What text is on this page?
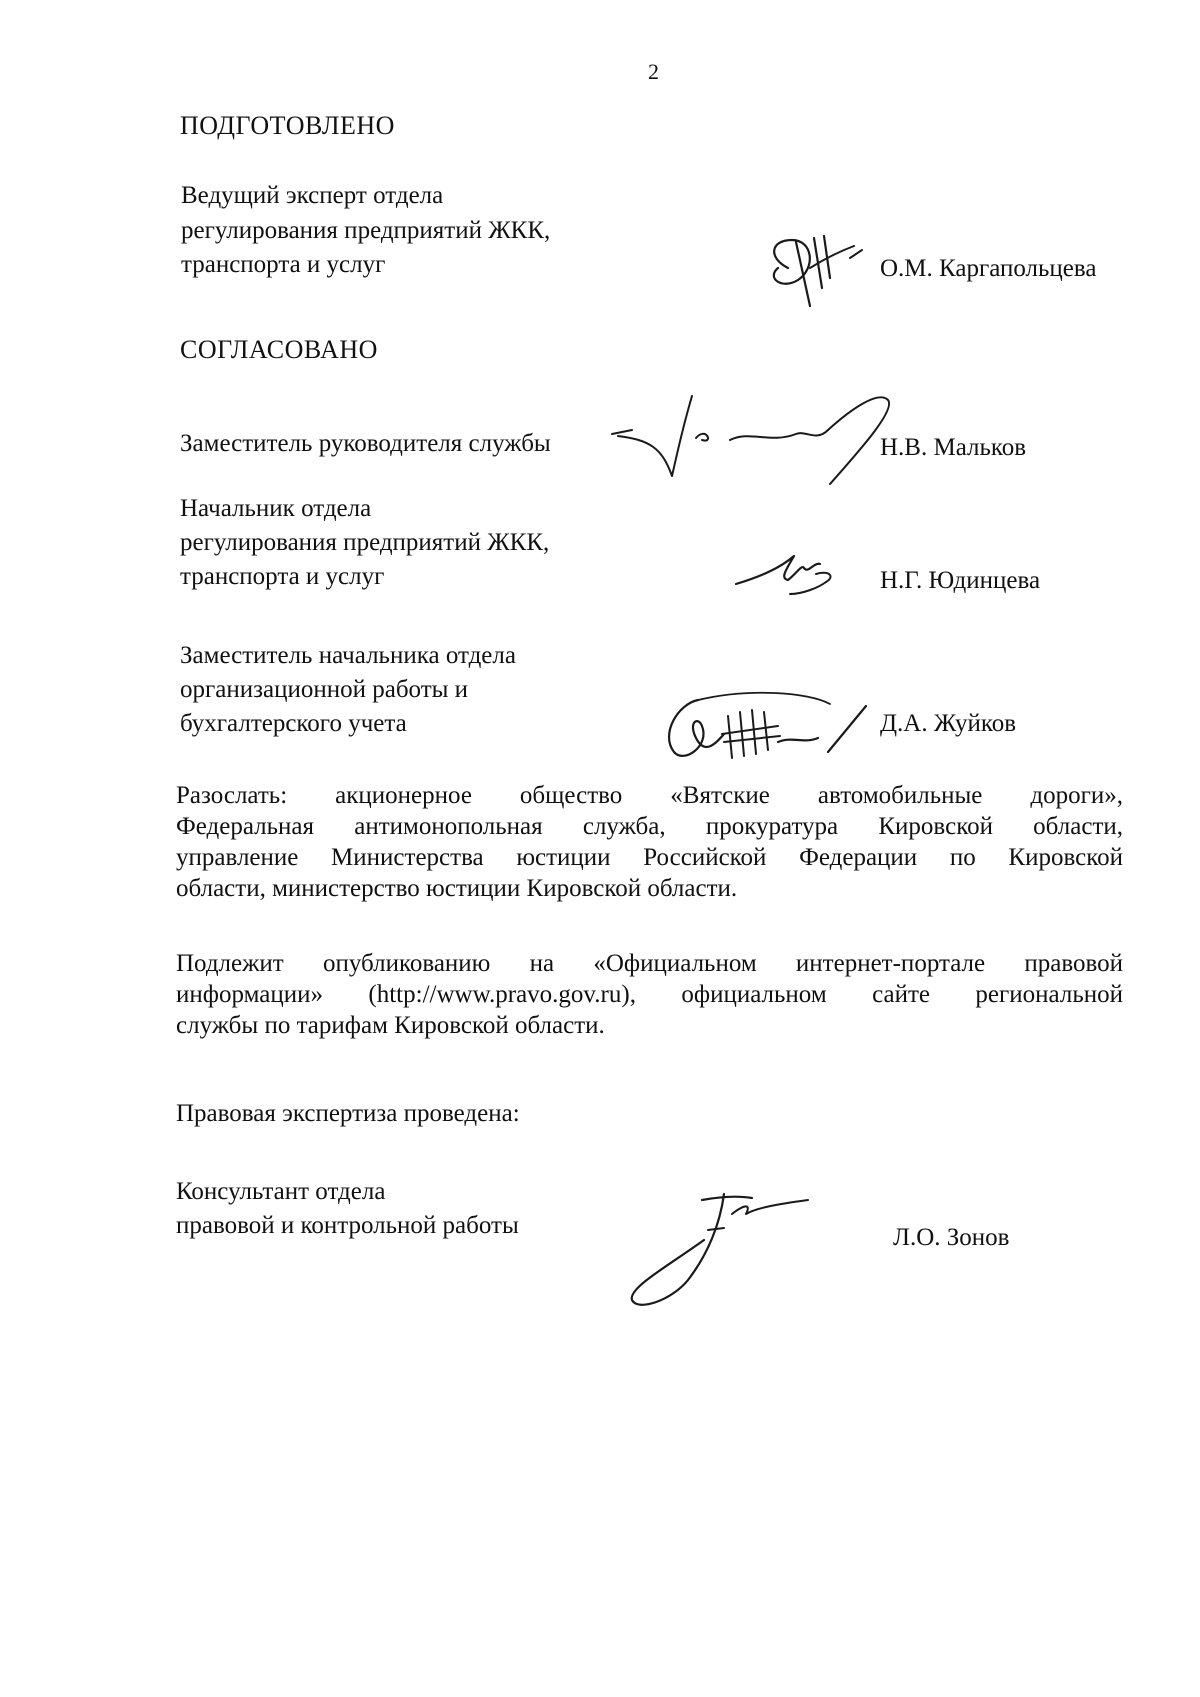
2
ПОДГОТОВЛЕНО
Ведущий эксперт отдела
регулирования предприятий ЖКК,
транспорта и услуг	О.М. Каргапольцева
СОГЛАСОВАНО
Заместитель руководителя службы	Н.В. Мальков
Начальник отдела
регулирования предприятий ЖКК,
транспорта и услуг	Н.Г. Юдинцева
Заместитель начальника отдела
организационной работы и
бухгалтерского учета	Д.А. Жуйков
Разослать: акционерное общество «Вятские автомобильные дороги»,
Федеральная антимонопольная служба, прокуратура Кировской области,
управление Министерства юстиции Российской Федерации по Кировской
области, министерство юстиции Кировской области.
Подлежит опубликованию на «Официальном интернет-портале правовой
информации» (http://www.pravo.gov.ru), официальном сайте региональной
службы по тарифам Кировской области.
Правовая экспертиза проведена:
Консультант отдела
правовой и контрольной работы	Л.О. Зонов
